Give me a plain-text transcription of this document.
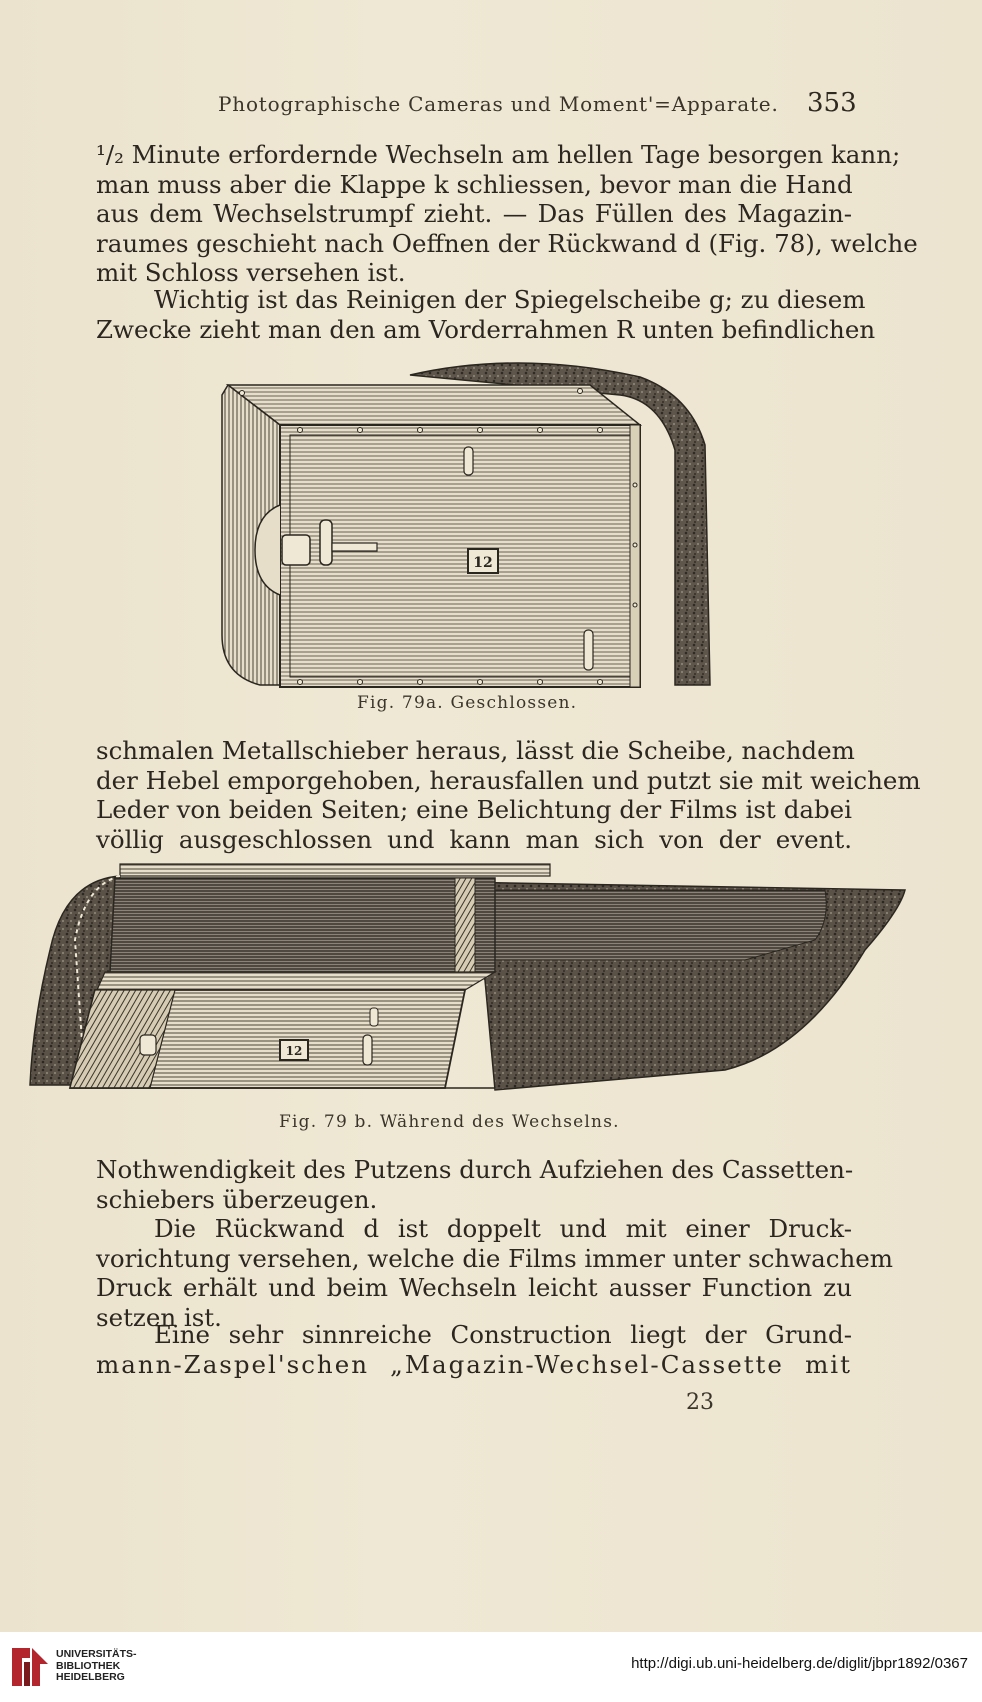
Photographische Cameras und Moment'=Apparate. 353
¹/₂ Minute erfordernde Wechseln am hellen Tage besorgen kann;
man muss aber die Klappe k schliessen, bevor man die Hand
aus dem Wechselstrumpf zieht. — Das Füllen des Magazin-
raumes geschieht nach Oeffnen der Rückwand d (Fig. 78), welche
mit Schloss versehen ist.
Wichtig ist das Reinigen der Spiegelscheibe g; zu diesem
Zwecke zieht man den am Vorderrahmen R unten befindlichen
12
Fig. 79a. Geschlossen.
schmalen Metallschieber heraus, lässt die Scheibe, nachdem
der Hebel emporgehoben, herausfallen und putzt sie mit weichem
Leder von beiden Seiten; eine Belichtung der Films ist dabei
völlig ausgeschlossen und kann man sich von der event.
12
Fig. 79 b. Während des Wechselns.
Nothwendigkeit des Putzens durch Aufziehen des Cassetten-
schiebers überzeugen.
Die Rückwand d ist doppelt und mit einer Druck-
vorichtung versehen, welche die Films immer unter schwachem
Druck erhält und beim Wechseln leicht ausser Function zu
setzen ist.
Eine sehr sinnreiche Construction liegt der Grund-
mann-Zaspel'schen „Magazin-Wechsel-Cassette mit
23
UNIVERSITÄTS-
BIBLIOTHEK
HEIDELBERG
http://digi.ub.uni-heidelberg.de/diglit/jbpr1892/0367
